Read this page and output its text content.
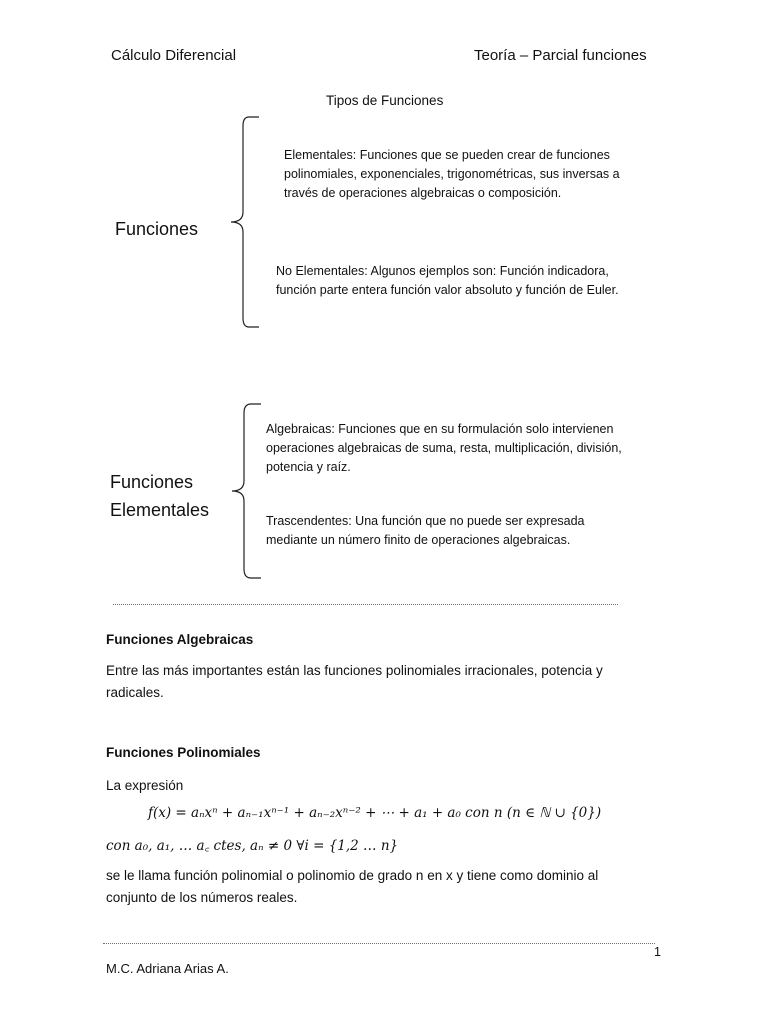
Cálculo Diferencial	Teoría – Parcial funciones
Tipos de Funciones
Funciones
Elementales: Funciones que se pueden crear de funciones polinomiales, exponenciales, trigonométricas, sus inversas a través de operaciones algebraicas o composición.
No Elementales: Algunos ejemplos son: Función indicadora, función parte entera función valor absoluto y función de Euler.
Funciones
Elementales
Algebraicas: Funciones que en su formulación solo intervienen operaciones algebraicas de suma, resta, multiplicación, división, potencia y raíz.
Trascendentes: Una función que no puede ser expresada mediante un número finito de operaciones algebraicas.
Funciones Algebraicas
Entre las más importantes están las funciones polinomiales irracionales, potencia y
radicales.
Funciones Polinomiales
La expresión
f(x) = aₙxⁿ + aₙ₋₁xⁿ⁻¹ + aₙ₋₂xⁿ⁻² + ⋯ + a₁ + a₀ con n (n ∈ ℕ ∪ {0})
con a₀, a₁, … a꜀ ctes, aₙ ≠ 0 ∀i = {1,2 … n}
se le llama función polinomial o polinomio de grado n en x y tiene como dominio al
conjunto de los números reales.
1
M.C. Adriana Arias A.
